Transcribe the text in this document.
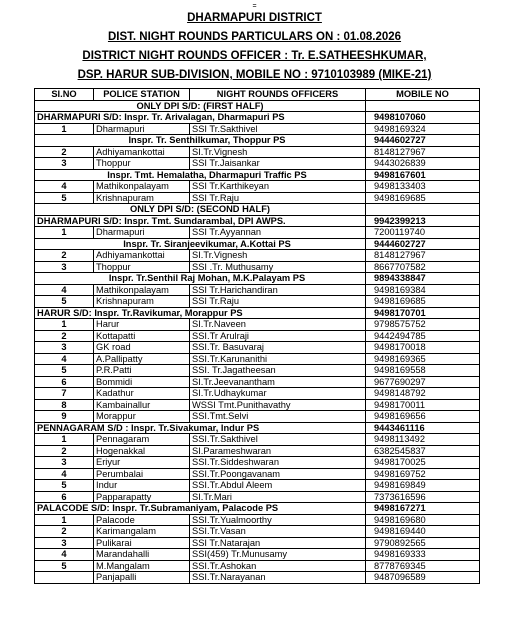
=
DHARMAPURI DISTRICT
DIST. NIGHT ROUNDS PARTICULARS ON : 01.08.2026
DISTRICT NIGHT ROUNDS OFFICER : Tr. E.SATHEESHKUMAR,
DSP. HARUR SUB-DIVISION, MOBILE NO : 9710103989 (MIKE-21)
SI.NO	POLICE STATION	NIGHT ROUNDS OFFICERS	MOBILE NO
ONLY DPI S/D: (FIRST HALF)			
DHARMAPURI S/D: Inspr. Tr. Arivalagan, Dharmapuri PS			9498107060
1	Dharmapuri	SSI Tr.Sakthivel	9498169324
Inspr. Tr. Senthilkumar, Thoppur PS			9444602727
2	Adhiyamankottai	SI.Tr.Vignesh	8148127967
3	Thoppur	SSI Tr.Jaisankar	9443026839
Inspr. Tmt. Hemalatha, Dharmapuri Traffic PS			9498167601
4	Mathikonpalayam	SSI Tr.Karthikeyan	9498133403
5	Krishnapuram	SSI Tr.Raju	9498169685
ONLY DPI S/D: (SECOND HALF)			
DHARMAPURI S/D: Inspr. Tmt. Sundarambal, DPI AWPS.			9942399213
1	Dharmapuri	SSI Tr.Ayyannan	7200119740
Inspr. Tr. Siranjeevikumar, A.Kottai PS			9444602727
2	Adhiyamankottai	SI.Tr.Vignesh	8148127967
3	Thoppur	SSI .Tr. Muthusamy	8667707582
Inspr. Tr.Senthil Raj Mohan, M.K.Palayam PS			9894338847
4	Mathikonpalayam	SSI Tr.Harichandiran	9498169384
5	Krishnapuram	SSI Tr.Raju	9498169685
HARUR S/D: Inspr. Tr.Ravikumar, Morappur PS			9498170701
1	Harur	SI.Tr.Naveen	9798575752
2	Kottapatti	SSI.Tr Arulraji	9442494785
3	GK road	SSI.Tr. Basuvaraj	9498170018
4	A.Pallipatty	SSI.Tr.Karunanithi	9498169365
5	P.R.Patti	SSI. Tr.Jagatheesan	9498169558
6	Bommidi	SI.Tr.Jeevanantham	9677690297
7	Kadathur	SI.Tr.Udhaykumar	9498148792
8	Kambainallur	WSSI Tmt.Punithavathy	9498170011
9	Morappur	SSI.Tmt.Selvi	9498169656
PENNAGARAM S/D : Inspr. Tr.Sivakumar, Indur PS			9443461116
1	Pennagaram	SSI.Tr.Sakthivel	9498113492
2	Hogenakkal	SI.Parameshwaran	6382545837
3	Eriyur	SSI.Tr.Siddeshwaran	9498170025
4	Perumbalai	SSI.Tr.Poongavanam	9498169752
5	Indur	SSI.Tr.Abdul Aleem	9498169849
6	Papparapatty	SI.Tr.Mari	7373616596
PALACODE S/D: Inspr. Tr.Subramaniyam, Palacode PS			9498167271
1	Palacode	SSI.Tr.Yualmoorthy	9498169680
2	Karimangalam	SSI.Tr.Vasan	9498169440
3	Pulikarai	SSI Tr.Natarajan	9790892565
4	Marandahalli	SSI(459) Tr.Munusamy	9498169333
5	M.Mangalam	SSI.Tr.Ashokan	8778769345
	Panjapalli	SSI.Tr.Narayanan	9487096589
